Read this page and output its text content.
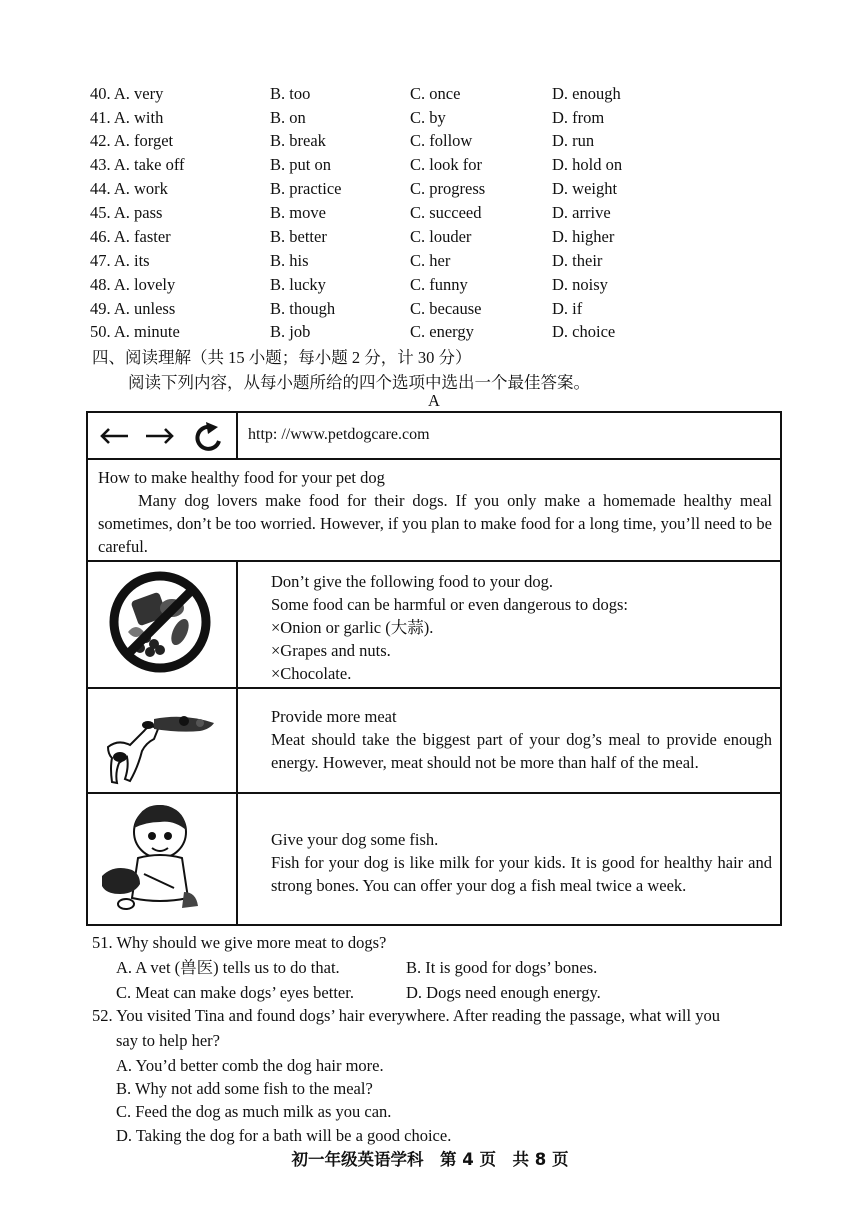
40. A. very	B. too	C. once	D. enough
41. A. with	B. on	C. by	D. from
42. A. forget	B. break	C. follow	D. run
43. A. take off	B. put on	C. look for	D. hold on
44. A. work	B. practice	C. progress	D. weight
45. A. pass	B. move	C. succeed	D. arrive
46. A. faster	B. better	C. louder	D. higher
47. A. its	B. his	C. her	D. their
48. A. lovely	B. lucky	C. funny	D. noisy
49. A. unless	B. though	C. because	D. if
50. A. minute	B. job	C. energy	D. choice
四、阅读理解（共 15 小题；每小题 2 分，计 30 分）
阅读下列内容，从每小题所给的四个选项中选出一个最佳答案。
A
http: //www.petdogcare.com
How to make healthy food for your pet dog
Many dog lovers make food for their dogs. If you only make a homemade healthy meal sometimes, don’t be too worried. However, if you plan to make food for a long time, you’ll need to be careful.
Don’t give the following food to your dog.
Some food can be harmful or even dangerous to dogs:
×Onion or garlic (大蒜).
×Grapes and nuts.
×Chocolate.
Provide more meat
Meat should take the biggest part of your dog’s meal to provide enough energy. However, meat should not be more than half of the meal.
Give your dog some fish.
Fish for your dog is like milk for your kids. It is good for healthy hair and strong bones. You can offer your dog a fish meal twice a week.
51. Why should we give more meat to dogs?
A. A vet (兽医) tells us to do that.	B. It is good for dogs’ bones.
C. Meat can make dogs’ eyes better.	D. Dogs need enough energy.
52. You visited Tina and found dogs’ hair everywhere. After reading the passage, what will you
say to help her?
A. You’d better comb the dog hair more.
B. Why not add some fish to the meal?
C. Feed the dog as much milk as you can.
D. Taking the dog for a bath will be a good choice.
初一年级英语学科　第 4 页　共 8 页
